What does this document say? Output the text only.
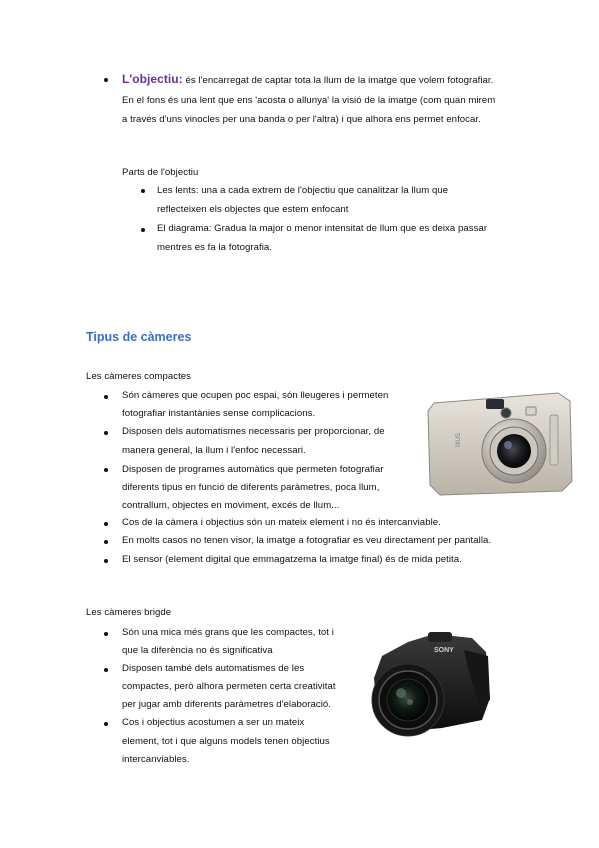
L'objectiu: és l'encarregat de captar tota la llum de la imatge que volem fotografiar.
En el fons és una lent que ens 'acosta o allunya' la visió de la imatge (com quan mirem
a través d'uns vinocles per una banda o per l'altra) i que alhora ens permet enfocar.
Parts de l'objectiu
Les lents: una a cada extrem de l'objectiu que canalitzar la llum que
reflecteixen els objectes que estem enfocant
El diagrama: Gradua la major o menor intensitat de llum que es deixa passar
mentres es fa la fotografia.
Tipus de càmeres
Les càmeres compactes
Són càmeres que ocupen poc espai, són lleugeres i permeten
fotografiar instantànies sense complicacions.
Disposen dels automatismes necessaris per proporcionar, de
manera general, la llum i l'enfoc necessari.
Disposen de programes automàtics que permeten fotografiar
diferents tipus en funció de diferents paràmetres, poca llum,
contrallum, objectes en moviment, excés de llum...
Cos de la càmera i objectius són un mateix element i no és intercanviable.
En molts casos no tenen visor, la imatge a fotografiar es veu directament per pantalla.
El sensor (element digital que emmagatzema la imatge final) és de mida petita.
IXUS
Les càmeres brigde
Són una mica més grans que les compactes, tot i
que la diferència no és significativa
Disposen també dels automatismes de les
compactes, però alhora permeten certa creativitat
per jugar amb diferents paràmetres d'elaboració.
Cos i objectius acostumen a ser un mateix
element, tot i que alguns models tenen objectius
intercanviables.
SONY
